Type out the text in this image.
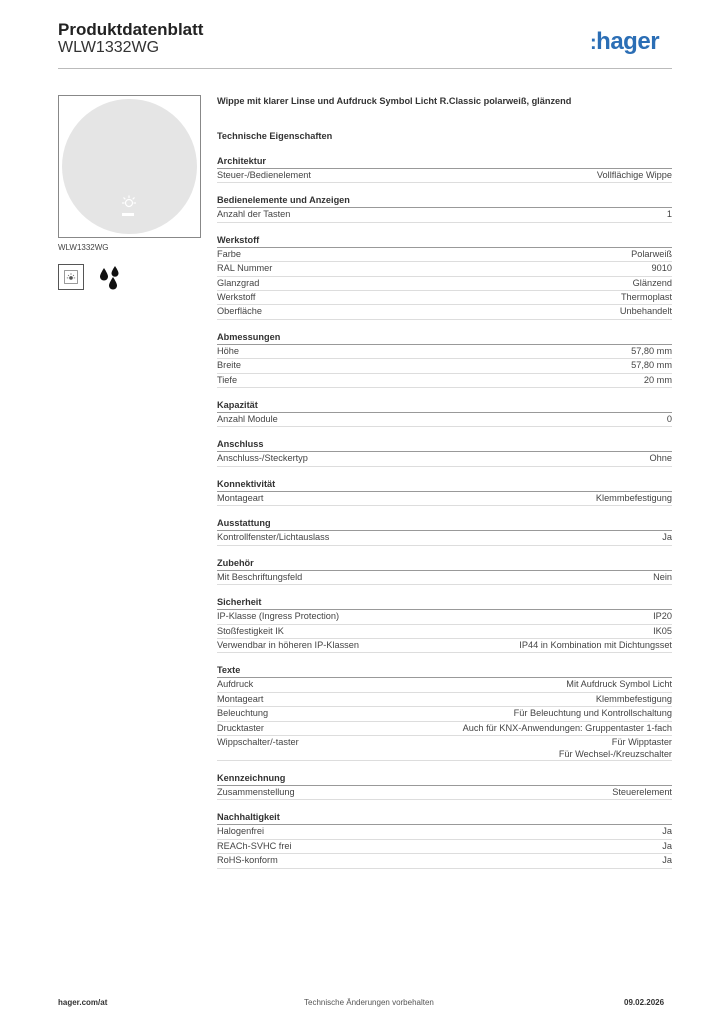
Produktdatenblatt
WLW1332WG	:hager
WLW1332WG
Wippe mit klarer Linse und Aufdruck Symbol Licht R.Classic polarweiß, glänzend
Technische Eigenschaften
Architektur
Steuer-/Bedienelement	Vollflächige Wippe
Bedienelemente und Anzeigen
Anzahl der Tasten	1
Werkstoff
Farbe	Polarweiß
RAL Nummer	9010
Glanzgrad	Glänzend
Werkstoff	Thermoplast
Oberfläche	Unbehandelt
Abmessungen
Höhe	57,80 mm
Breite	57,80 mm
Tiefe	20 mm
Kapazität
Anzahl Module	0
Anschluss
Anschluss-/Steckertyp	Ohne
Konnektivität
Montageart	Klemmbefestigung
Ausstattung
Kontrollfenster/Lichtauslass	Ja
Zubehör
Mit Beschriftungsfeld	Nein
Sicherheit
IP-Klasse (Ingress Protection)	IP20
Stoßfestigkeit IK	IK05
Verwendbar in höheren IP-Klassen	IP44 in Kombination mit Dichtungsset
Texte
Aufdruck	Mit Aufdruck Symbol Licht
Montageart	Klemmbefestigung
Beleuchtung	Für Beleuchtung und Kontrollschaltung
Drucktaster	Auch für KNX-Anwendungen: Gruppentaster 1-fach
Wippschalter/-taster	Für Wipptaster
Für Wechsel-/Kreuzschalter
Kennzeichnung
Zusammenstellung	Steuerelement
Nachhaltigkeit
Halogenfrei	Ja
REACh-SVHC frei	Ja
RoHS-konform	Ja
hager.com/at	Technische Änderungen vorbehalten	09.02.2026
